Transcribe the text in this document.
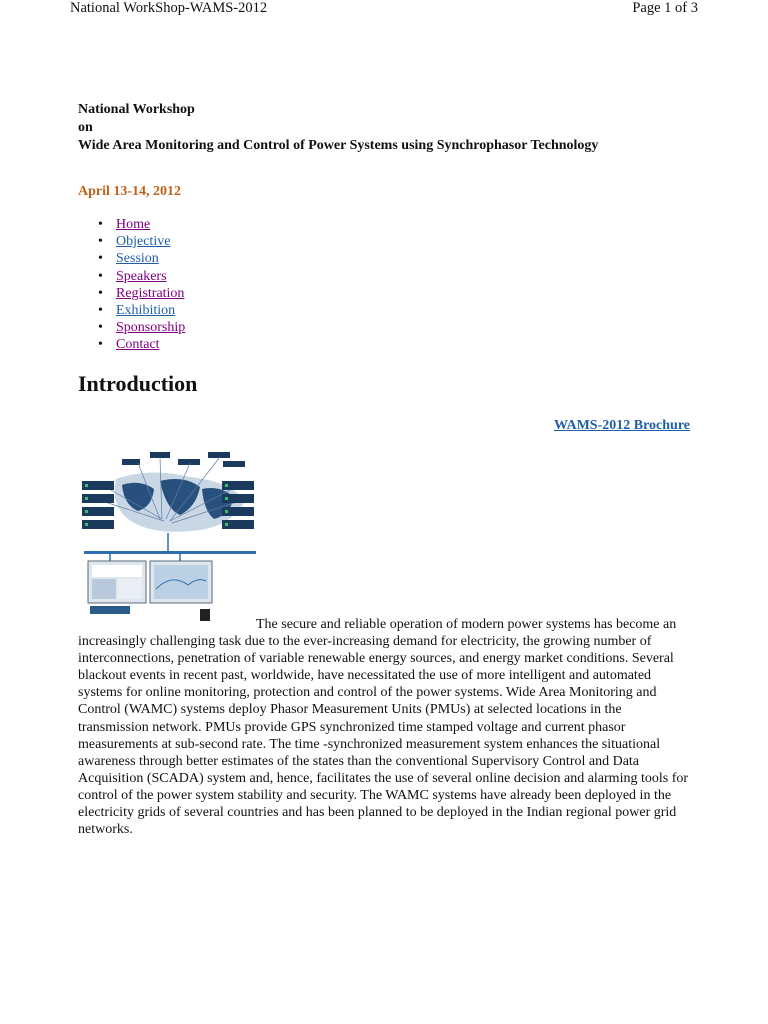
National WorkShop-WAMS-2012	Page 1 of 3
National Workshop
on
Wide Area Monitoring and Control of Power Systems using Synchrophasor Technology
April 13-14, 2012
• Home
• Objective
• Session
• Speakers
• Registration
• Exhibition
• Sponsorship
• Contact
Introduction
WAMS-2012 Brochure

The secure and reliable operation of modern power systems has become an increasingly challenging task due to the ever-increasing demand for electricity, the growing number of interconnections, penetration of variable renewable energy sources, and energy market conditions. Several blackout events in recent past, worldwide, have necessitated the use of more intelligent and automated systems for online monitoring, protection and control of the power systems. Wide Area Monitoring and Control (WAMC) systems deploy Phasor Measurement Units (PMUs) at selected locations in the transmission network. PMUs provide GPS synchronized time stamped voltage and current phasor measurements at sub-second rate. The time -synchronized measurement system enhances the situational awareness through better estimates of the states than the conventional Supervisory Control and Data Acquisition (SCADA) system and, hence, facilitates the use of several online decision and alarming tools for control of the power system stability and security. The WAMC systems have already been deployed in the electricity grids of several countries and has been planned to be deployed in the Indian regional power grid networks.
